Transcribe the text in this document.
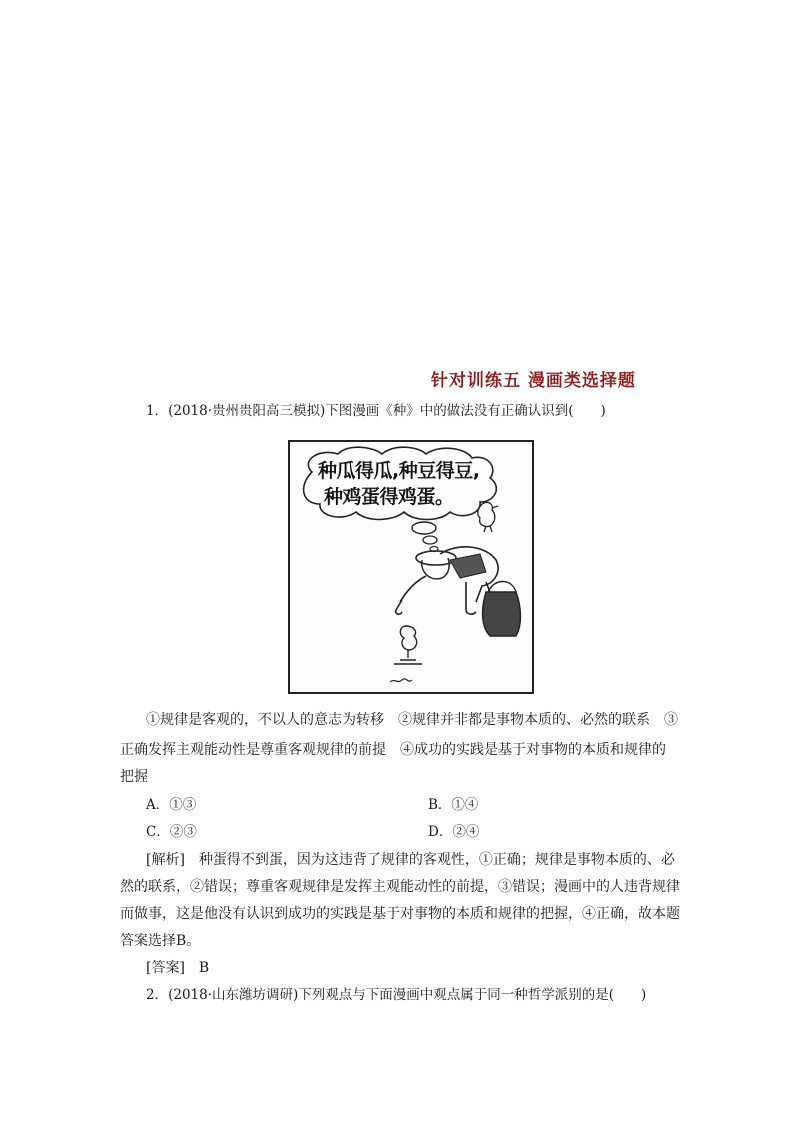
针对训练五 漫画类选择题
1．(2018·贵州贵阳高三模拟)下图漫画《种》中的做法没有正确认识到(　　)
种瓜得瓜,种豆得豆,
种鸡蛋得鸡蛋。
①规律是客观的，不以人的意志为转移　②规律并非都是事物本质的、必然的联系　③
正确发挥主观能动性是尊重客观规律的前提　④成功的实践是基于对事物的本质和规律的
把握
A．①③	B．①④
C．②③	D．②④
[解析]　种蛋得不到蛋，因为这违背了规律的客观性，①正确；规律是事物本质的、必
然的联系，②错误；尊重客观规律是发挥主观能动性的前提，③错误；漫画中的人违背规律
而做事，这是他没有认识到成功的实践是基于对事物的本质和规律的把握，④正确，故本题
答案选择B。
[答案]　B
2．(2018·山东潍坊调研)下列观点与下面漫画中观点属于同一种哲学派别的是(　　)
